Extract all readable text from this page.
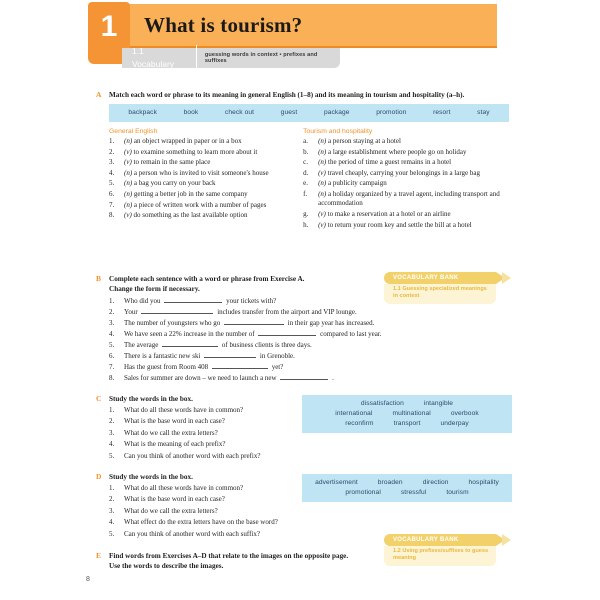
What is tourism?
1
1.1 Vocabulary
guessing words in context • prefixes and suffixes
A	Match each word or phrase to its meaning in general English (1–8) and its meaning in tourism and hospitality (a–h).
backpack	book	check out	guest	package	promotion	resort	stay
General English
1.	(n) an object wrapped in paper or in a box
2.	(v) to examine something to learn more about it
3.	(v) to remain in the same place
4.	(n) a person who is invited to visit someone's house
5.	(n) a bag you carry on your back
6.	(n) getting a better job in the same company
7.	(n) a piece of written work with a number of pages
8.	(v) do something as the last available option
Tourism and hospitality
a.	(n) a person staying at a hotel
b.	(n) a large establishment where people go on holiday
c.	(n) the period of time a guest remains in a hotel
d.	(v) travel cheaply, carrying your belongings in a large bag
e.	(n) a publicity campaign
f.	(n) a holiday organized by a travel agent, including transport and accommodation
g.	(v) to make a reservation at a hotel or an airline
h.	(v) to return your room key and settle the bill at a hotel
B	Complete each sentence with a word or phrase from Exercise A.
Change the form if necessary.
1. Who did you	your tickets with?
2. Your	includes transfer from the airport and VIP lounge.
3. The number of youngsters who go	in their gap year has increased.
4. We have seen a 22% increase in the number of	compared to last year.
5. The average	of business clients is three days.
6. There is a fantastic new ski	in Grenoble.
7. Has the guest from Room 408	yet?
8. Sales for summer are down – we need to launch a new	.
VOCABULARY BANK
1.1 Guessing specialized meanings in context
C	Study the words in the box.
1. What do all these words have in common?
2. What is the base word in each case?
3. What do we call the extra letters?
4. What is the meaning of each prefix?
5. Can you think of another word with each prefix?
dissatisfaction	intangible
international	multinational	overbook
reconfirm	transport	underpay
D	Study the words in the box.
1. What do all these words have in common?
2. What is the base word in each case?
3. What do we call the extra letters?
4. What effect do the extra letters have on the base word?
5. Can you think of another word with each suffix?
advertisement	broaden	direction	hospitality
promotional	stressful	tourism
VOCABULARY BANK
1.2 Using prefixes/suffixes to guess meaning
E	Find words from Exercises A–D that relate to the images on the opposite page.
Use the words to describe the images.
8
